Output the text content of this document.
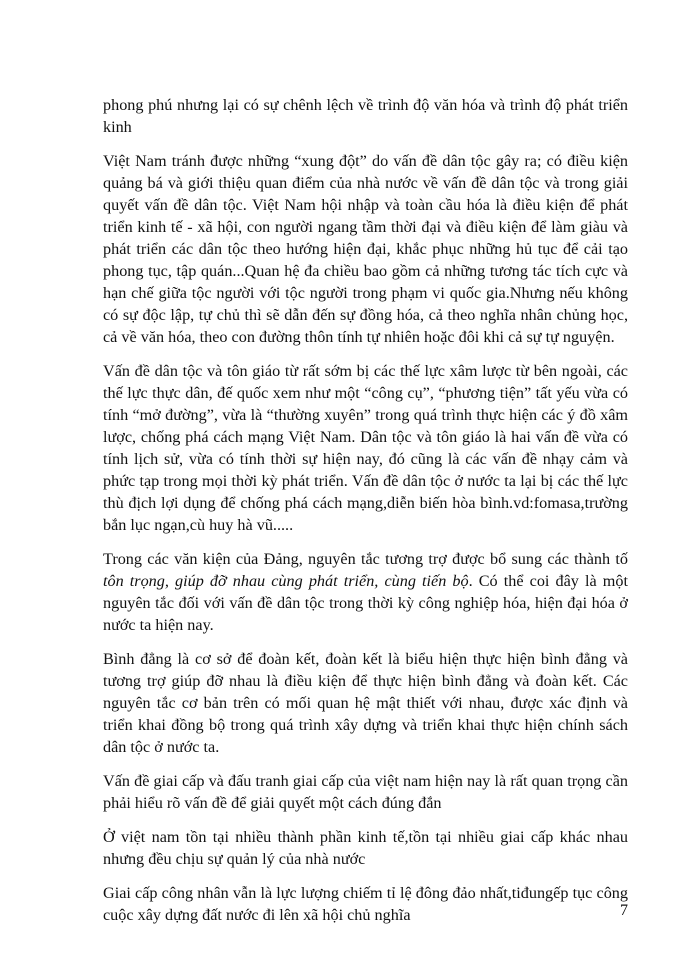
phong phú nhưng lại có sự chênh lệch về trình độ văn hóa và trình độ phát triển kinh

Việt Nam tránh được những “xung đột” do vấn đề dân tộc gây ra; có điều kiện quảng bá và giới thiệu quan điểm của nhà nước về vấn đề dân tộc và trong giải quyết vấn đề dân tộc. Việt Nam hội nhập và toàn cầu hóa là điều kiện để phát triển kinh tế - xã hội, con người ngang tầm thời đại và điều kiện để làm giàu và phát triển các dân tộc theo hướng hiện đại, khắc phục những hủ tục để cải tạo phong tục, tập quán...Quan hệ đa chiều bao gồm cả những tương tác tích cực và hạn chế giữa tộc người với tộc người trong phạm vi quốc gia.Nhưng nếu không có sự độc lập, tự chủ thì sẽ dẫn đến sự đồng hóa, cả theo nghĩa nhân chủng học, cả về văn hóa, theo con đường thôn tính tự nhiên hoặc đôi khi cả sự tự nguyện.

Vấn đề dân tộc và tôn giáo từ rất sớm bị các thế lực xâm lược từ bên ngoài, các thế lực thực dân, đế quốc xem như một “công cụ”, “phương tiện” tất yếu vừa có tính “mở đường”, vừa là “thường xuyên” trong quá trình thực hiện các ý đồ xâm lược, chống phá cách mạng Việt Nam. Dân tộc và tôn giáo là hai vấn đề vừa có tính lịch sử, vừa có tính thời sự hiện nay, đó cũng là các vấn đề nhạy cảm và phức tạp trong mọi thời kỳ phát triển. Vấn đề dân tộc ở nước ta lại bị các thế lực thù địch lợi dụng để chống phá cách mạng,diễn biến hòa bình.vd:fomasa,trường bắn lục ngạn,cù huy hà vũ.....

Trong các văn kiện của Đảng, nguyên tắc tương trợ được bổ sung các thành tố tôn trọng, giúp đỡ nhau cùng phát triển, cùng tiến bộ. Có thể coi đây là một nguyên tắc đối với vấn đề dân tộc trong thời kỳ công nghiệp hóa, hiện đại hóa ở nước ta hiện nay.

Bình đẳng là cơ sở để đoàn kết, đoàn kết là biểu hiện thực hiện bình đẳng và tương trợ giúp đỡ nhau là điều kiện để thực hiện bình đẳng và đoàn kết. Các nguyên tắc cơ bản trên có mối quan hệ mật thiết với nhau, được xác định và triển khai đồng bộ trong quá trình xây dựng và triển khai thực hiện chính sách dân tộc ở nước ta.

Vấn đề giai cấp và đấu tranh giai cấp của việt nam hiện nay là rất quan trọng cần phải hiểu rõ vấn đề để giải quyết một cách đúng đắn

Ở việt nam tồn tại nhiều thành phần kinh tế,tồn tại nhiều giai cấp khác nhau nhưng đều chịu sự quản lý của nhà nước

Giai cấp công nhân vẫn là lực lượng chiếm tỉ lệ đông đảo nhất,tiđungếp tục công cuộc xây dựng đất nước đi lên xã hội chủ nghĩa	7
